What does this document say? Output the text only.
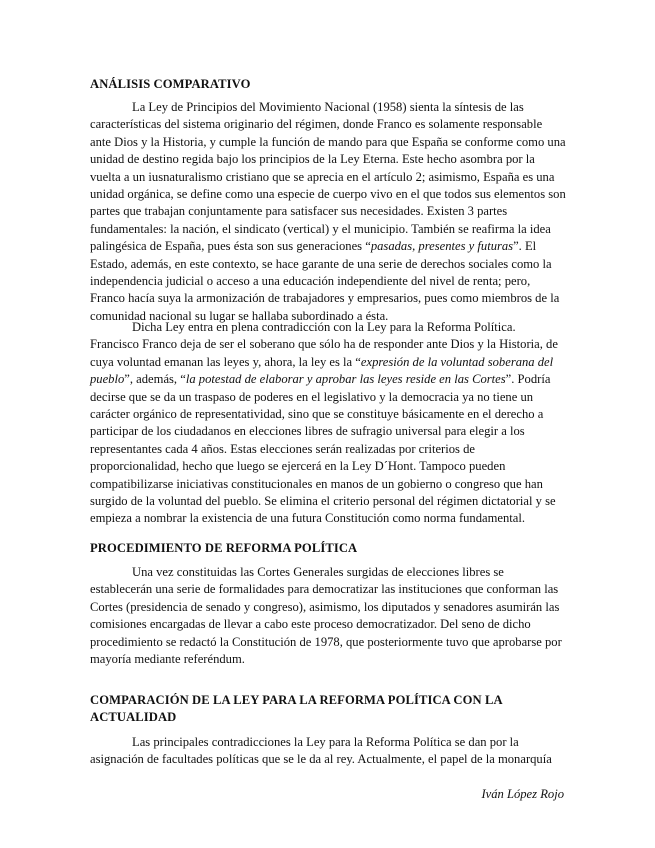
ANÁLISIS COMPARATIVO

La Ley de Principios del Movimiento Nacional (1958) sienta la síntesis de las características del sistema originario del régimen, donde Franco es solamente responsable ante Dios y la Historia, y cumple la función de mando para que España se conforme como una unidad de destino regida bajo los principios de la Ley Eterna. Este hecho asombra por la vuelta a un iusnaturalismo cristiano que se aprecia en el artículo 2; asimismo, España es una unidad orgánica, se define como una especie de cuerpo vivo en el que todos sus elementos son partes que trabajan conjuntamente para satisfacer sus necesidades. Existen 3 partes fundamentales: la nación, el sindicato (vertical) y el municipio. También se reafirma la idea palingésica de España, pues ésta son sus generaciones “pasadas, presentes y futuras”. El Estado, además, en este contexto, se hace garante de una serie de derechos sociales como la independencia judicial o acceso a una educación independiente del nivel de renta; pero, Franco hacía suya la armonización de trabajadores y empresarios, pues como miembros de la comunidad nacional su lugar se hallaba subordinado a ésta.

Dicha Ley entra en plena contradicción con la Ley para la Reforma Política. Francisco Franco deja de ser el soberano que sólo ha de responder ante Dios y la Historia, de cuya voluntad emanan las leyes y, ahora, la ley es la “expresión de la voluntad soberana del pueblo”, además, “la potestad de elaborar y aprobar las leyes reside en las Cortes”. Podría decirse que se da un traspaso de poderes en el legislativo y la democracia ya no tiene un carácter orgánico de representatividad, sino que se constituye básicamente en el derecho a participar de los ciudadanos en elecciones libres de sufragio universal para elegir a los representantes cada 4 años. Estas elecciones serán realizadas por criterios de proporcionalidad, hecho que luego se ejercerá en la Ley D´Hont. Tampoco pueden compatibilizarse iniciativas constitucionales en manos de un gobierno o congreso que han surgido de la voluntad del pueblo. Se elimina el criterio personal del régimen dictatorial y se empieza a nombrar la existencia de una futura Constitución como norma fundamental.

PROCEDIMIENTO DE REFORMA POLÍTICA

Una vez constituidas las Cortes Generales surgidas de elecciones libres se establecerán una serie de formalidades para democratizar las instituciones que conforman las Cortes (presidencia de senado y congreso), asimismo, los diputados y senadores asumirán las comisiones encargadas de llevar a cabo este proceso democratizador. Del seno de dicho procedimiento se redactó la Constitución de 1978, que posteriormente tuvo que aprobarse por mayoría mediante referéndum.

COMPARACIÓN DE LA LEY PARA LA REFORMA POLÍTICA CON LA ACTUALIDAD

Las principales contradicciones la Ley para la Reforma Política se dan por la asignación de facultades políticas que se le da al rey. Actualmente, el papel de la monarquía

Iván López Rojo
